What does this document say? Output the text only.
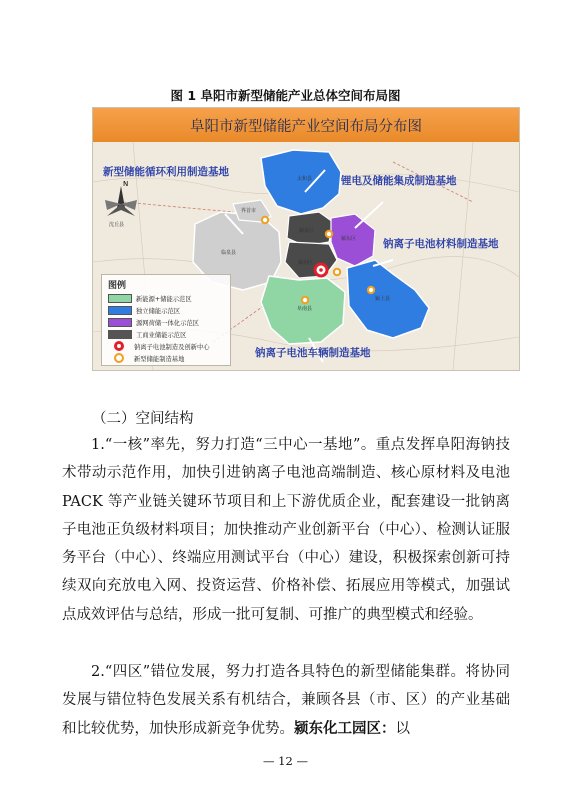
图 1 阜阳市新型储能产业总体空间布局图
阜阳市新型储能产业空间布局分布图
太和县
界首市
临泉县
颍州区
颍东区
颍泉区
阜南县
颍上县
沈丘县
新型储能循环利用制造基地
锂电及储能集成制造基地
钠离子电池材料制造基地
钠离子电池车辆制造基地
N
图例
新能源+储能示范区
独立储能示范区
源网荷储一体化示范区
工商业储能示范区
钠离子电池制造及创新中心
新型储能制造基地
（二）空间结构
1.“一核”率先，努力打造“三中心一基地”。重点发挥阜阳海钠技术带动示范作用，加快引进钠离子电池高端制造、核心原材料及电池 PACK 等产业链关键环节项目和上下游优质企业，配套建设一批钠离子电池正负级材料项目；加快推动产业创新平台（中心）、检测认证服务平台（中心）、终端应用测试平台（中心）建设，积极探索创新可持续双向充放电入网、投资运营、价格补偿、拓展应用等模式，加强试点成效评估与总结，形成一批可复制、可推广的典型模式和经验。
2.“四区”错位发展，努力打造各具特色的新型储能集群。将协同发展与错位特色发展关系有机结合，兼顾各县（市、区）的产业基础和比较优势，加快形成新竞争优势。颍东化工园区：以
— 12 —
